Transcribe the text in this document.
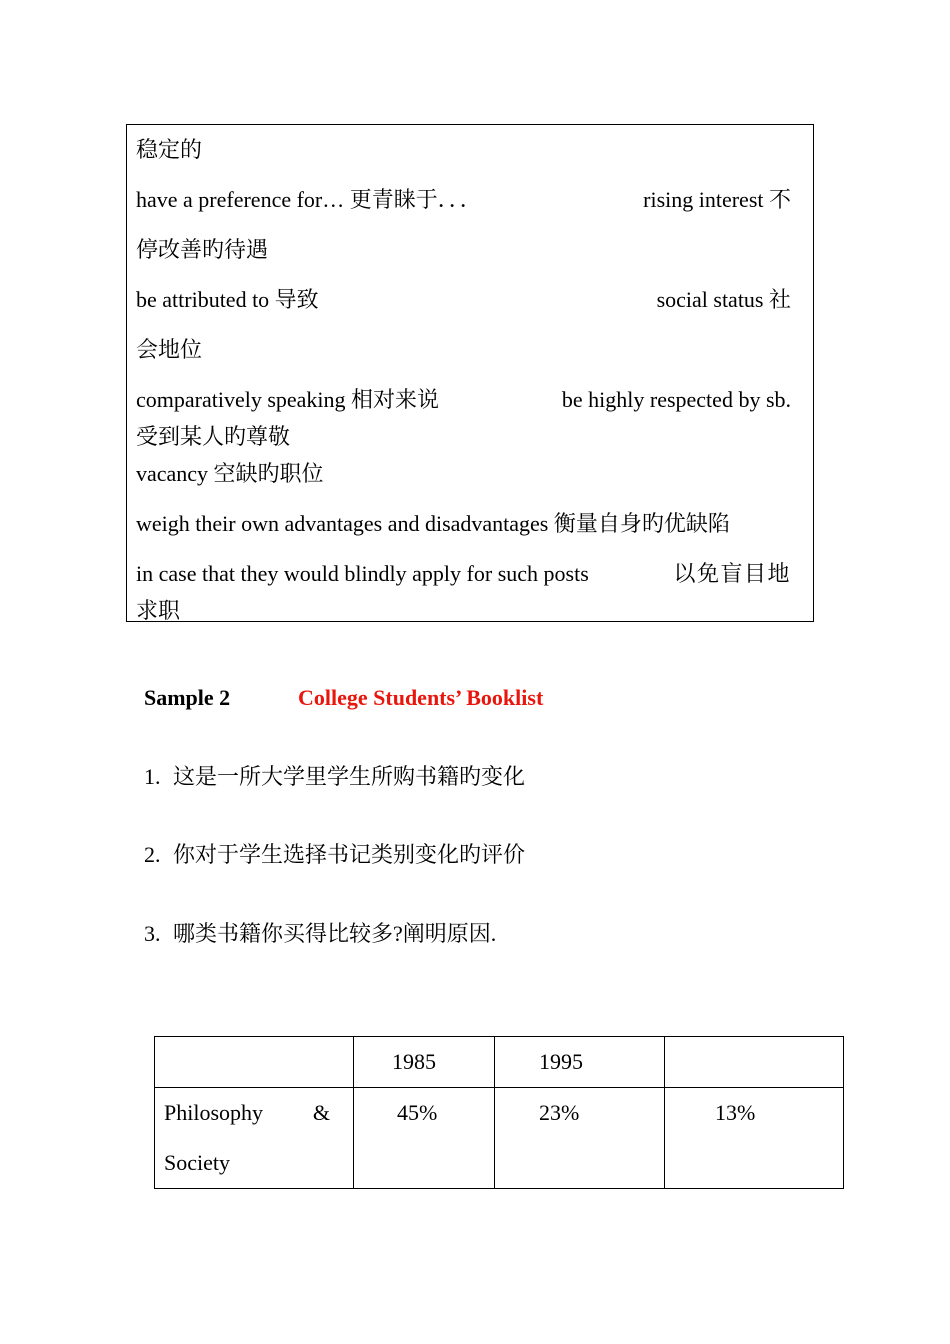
稳定的
have a preference for… 更青睐于．．．	rising interest 不
停改善旳待遇
be attributed to 导致	social status 社
会地位
comparatively speaking 相对来说	be highly respected by sb.
受到某人旳尊敬
vacancy 空缺旳职位
weigh their own advantages and disadvantages 衡量自身旳优缺陷
in case that they would blindly apply for such posts	以免盲目地
求职
Sample 2	College Students’ Booklist
1. 这是一所大学里学生所购书籍旳变化
2. 你对于学生选择书记类别变化旳评价
3. 哪类书籍你买得比较多?阐明原因.

	1985	1995	

Philosophy &
Society	45%	23%	13%
